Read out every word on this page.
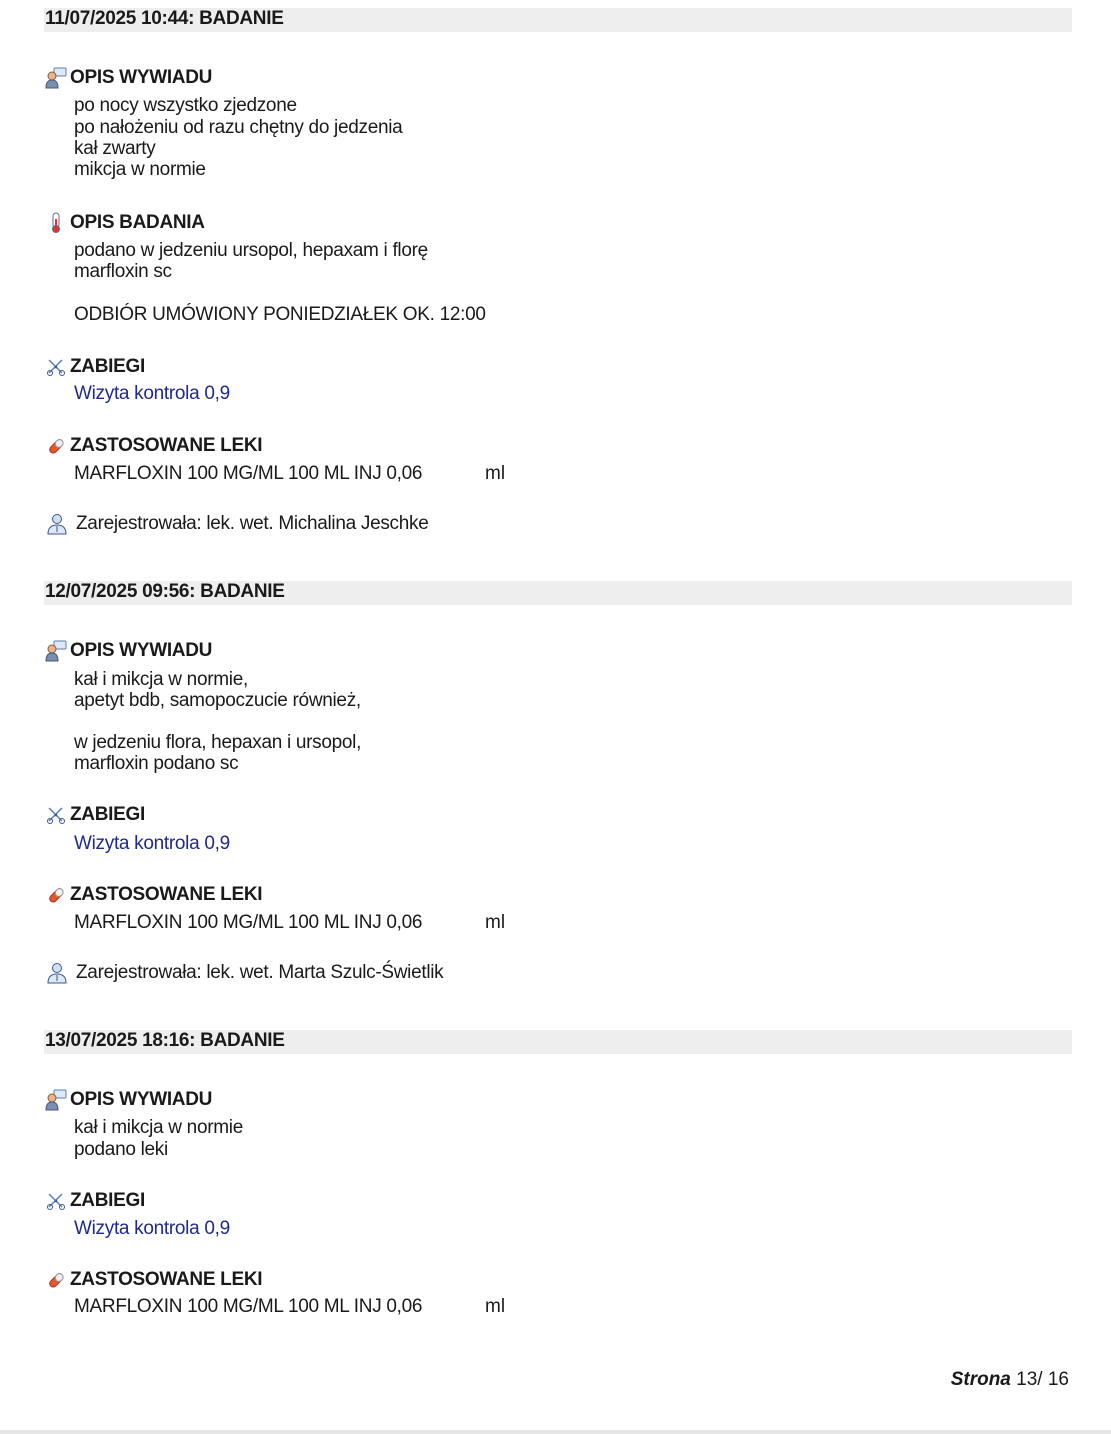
11/07/2025 10:44: BADANIE
OPIS WYWIADU
po nocy wszystko zjedzone
po nałożeniu od razu chętny do jedzenia
kał zwarty
mikcja w normie
OPIS BADANIA
podano w jedzeniu ursopol, hepaxam i florę
marfloxin sc
ODBIÓR UMÓWIONY PONIEDZIAŁEK OK. 12:00
ZABIEGI
Wizyta kontrola 0,9
ZASTOSOWANE LEKI
MARFLOXIN 100 MG/ML 100 ML INJ 0,06	ml
Zarejestrowała: lek. wet. Michalina Jeschke
12/07/2025 09:56: BADANIE
OPIS WYWIADU
kał i mikcja w normie,
apetyt bdb, samopoczucie również,
w jedzeniu flora, hepaxan i ursopol,
marfloxin podano sc
ZABIEGI
Wizyta kontrola 0,9
ZASTOSOWANE LEKI
MARFLOXIN 100 MG/ML 100 ML INJ 0,06	ml
Zarejestrowała: lek. wet. Marta Szulc-Świetlik
13/07/2025 18:16: BADANIE
OPIS WYWIADU
kał i mikcja w normie
podano leki
ZABIEGI
Wizyta kontrola 0,9
ZASTOSOWANE LEKI
MARFLOXIN 100 MG/ML 100 ML INJ 0,06	ml
Strona 13/ 16
